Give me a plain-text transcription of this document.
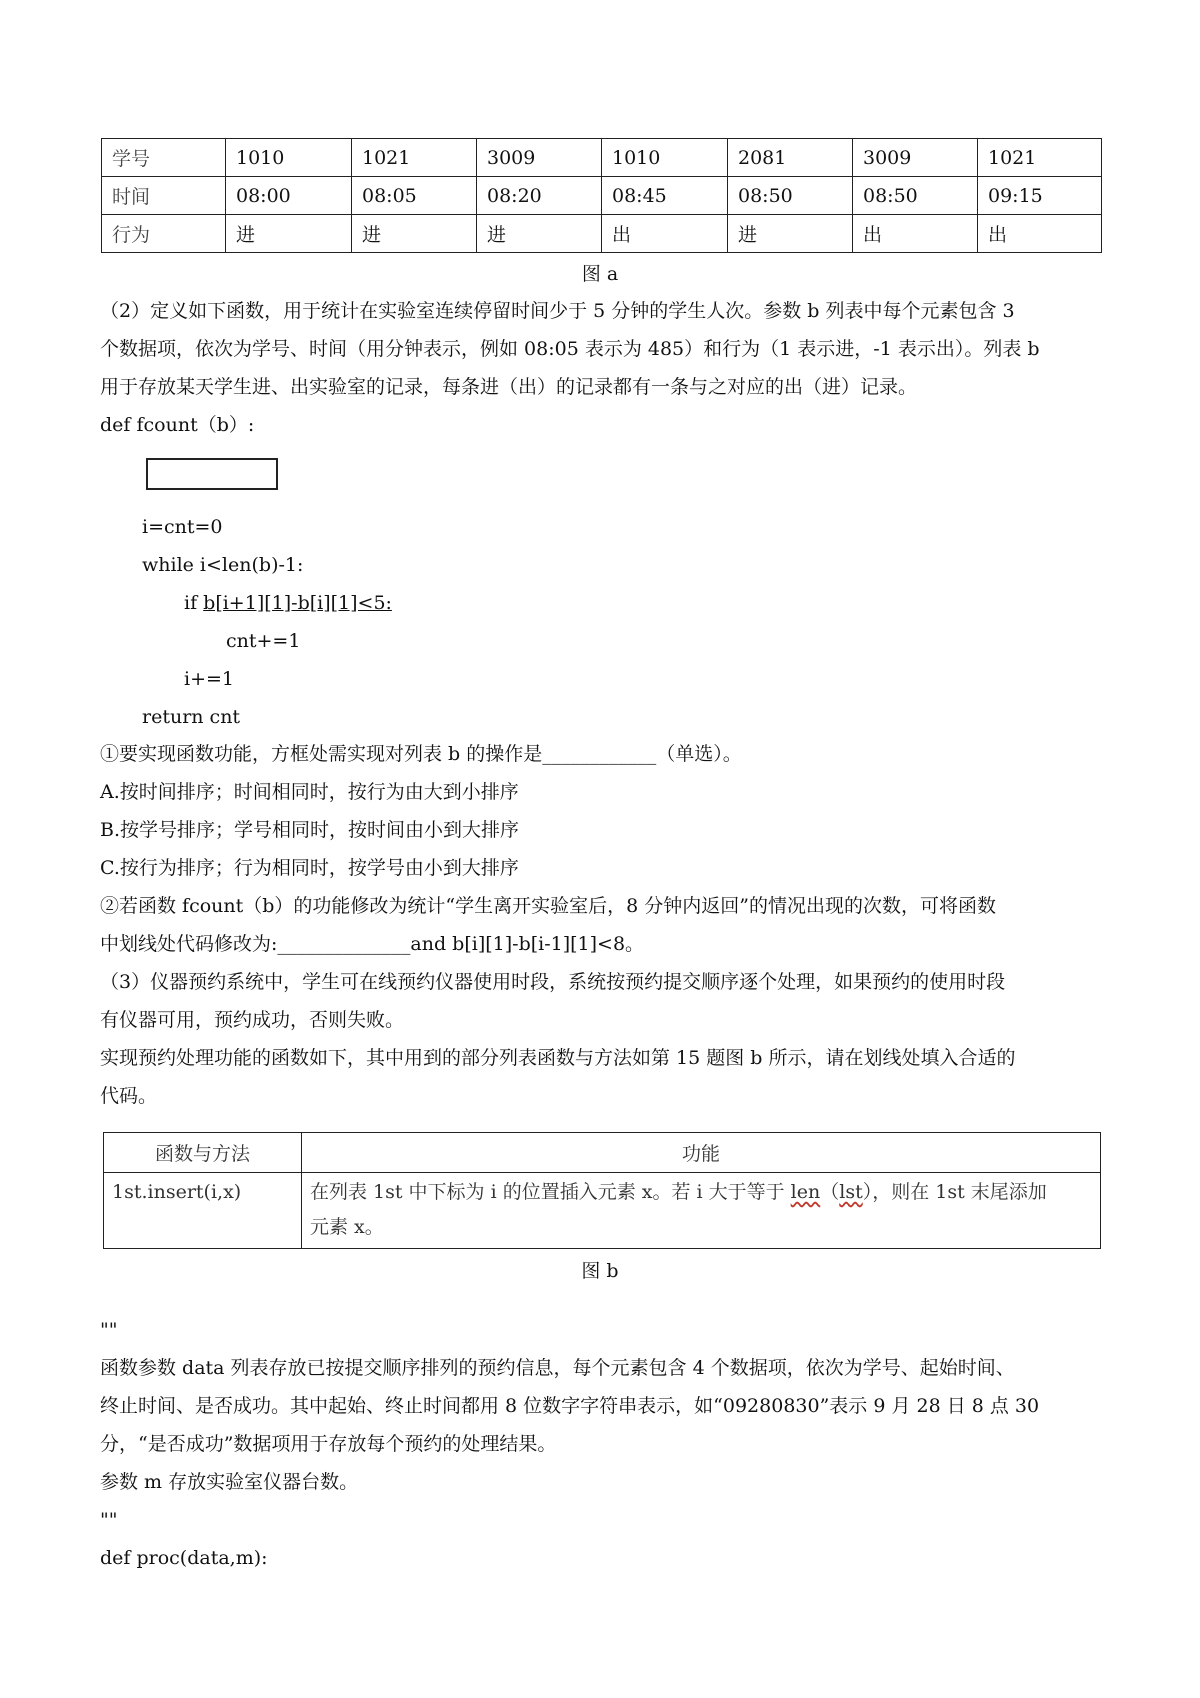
学号	1010	1021	3009	1010	2081	3009	1021
时间	08:00	08:05	08:20	08:45	08:50	08:50	09:15
行为	进	进	进	出	进	出	出
图 a
（2）定义如下函数，用于统计在实验室连续停留时间少于 5 分钟的学生人次。参数 b 列表中每个元素包含 3
个数据项，依次为学号、时间（用分钟表示，例如 08:05 表示为 485）和行为（1 表示进，-1 表示出）。列表 b
用于存放某天学生进、出实验室的记录，每条进（出）的记录都有一条与之对应的出（进）记录。
def fcount（b）:
i=cnt=0
while i<len(b)-1:
if b[i+1][1]-b[i][1]<5:
cnt+=1
i+=1
return cnt
①要实现函数功能，方框处需实现对列表 b 的操作是____________（单选）。
A.按时间排序；时间相同时，按行为由大到小排序
B.按学号排序；学号相同时，按时间由小到大排序
C.按行为排序；行为相同时，按学号由小到大排序
②若函数 fcount（b）的功能修改为统计“学生离开实验室后，8 分钟内返回”的情况出现的次数，可将函数
中划线处代码修改为:______________and b[i][1]-b[i-1][1]<8。
（3）仪器预约系统中，学生可在线预约仪器使用时段，系统按预约提交顺序逐个处理，如果预约的使用时段
有仪器可用，预约成功，否则失败。
实现预约处理功能的函数如下，其中用到的部分列表函数与方法如第 15 题图 b 所示，请在划线处填入合适的
代码。
函数与方法	功能
1st.insert(i,x)	在列表 1st 中下标为 i 的位置插入元素 x。若 i 大于等于 len（lst），则在 1st 末尾添加
元素 x。
图 b
""
函数参数 data 列表存放已按提交顺序排列的预约信息，每个元素包含 4 个数据项，依次为学号、起始时间、
终止时间、是否成功。其中起始、终止时间都用 8 位数字字符串表示，如“09280830”表示 9 月 28 日 8 点 30
分，“是否成功”数据项用于存放每个预约的处理结果。
参数 m 存放实验室仪器台数。
""
def proc(data,m):
